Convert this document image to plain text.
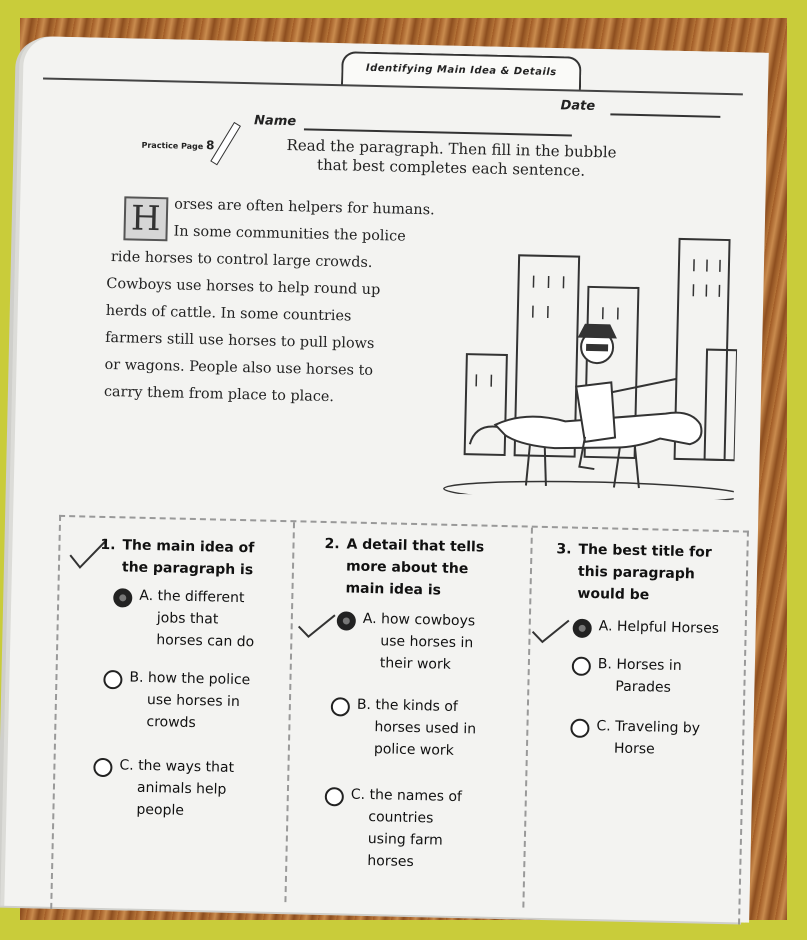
Identifying Main Idea & Details
Practice Page 8
Name
Date
Read the paragraph. Then fill in the bubble
that best completes each sentence.
H orses are often helpers for humans.
In some communities the police
ride horses to control large crowds.
Cowboys use horses to help round up
herds of cattle. In some countries
farmers still use horses to pull plows
or wagons. People also use horses to
carry them from place to place.
1. The main idea of
the paragraph is
A. the different
jobs that
horses can do
B. how the police
use horses in
crowds
C. the ways that
animals help
people
2. A detail that tells
more about the
main idea is
A. how cowboys
use horses in
their work
B. the kinds of
horses used in
police work
C. the names of
countries
using farm
horses
3. The best title for
this paragraph
would be
A. Helpful Horses
B. Horses in
Parades
C. Traveling by
Horse
